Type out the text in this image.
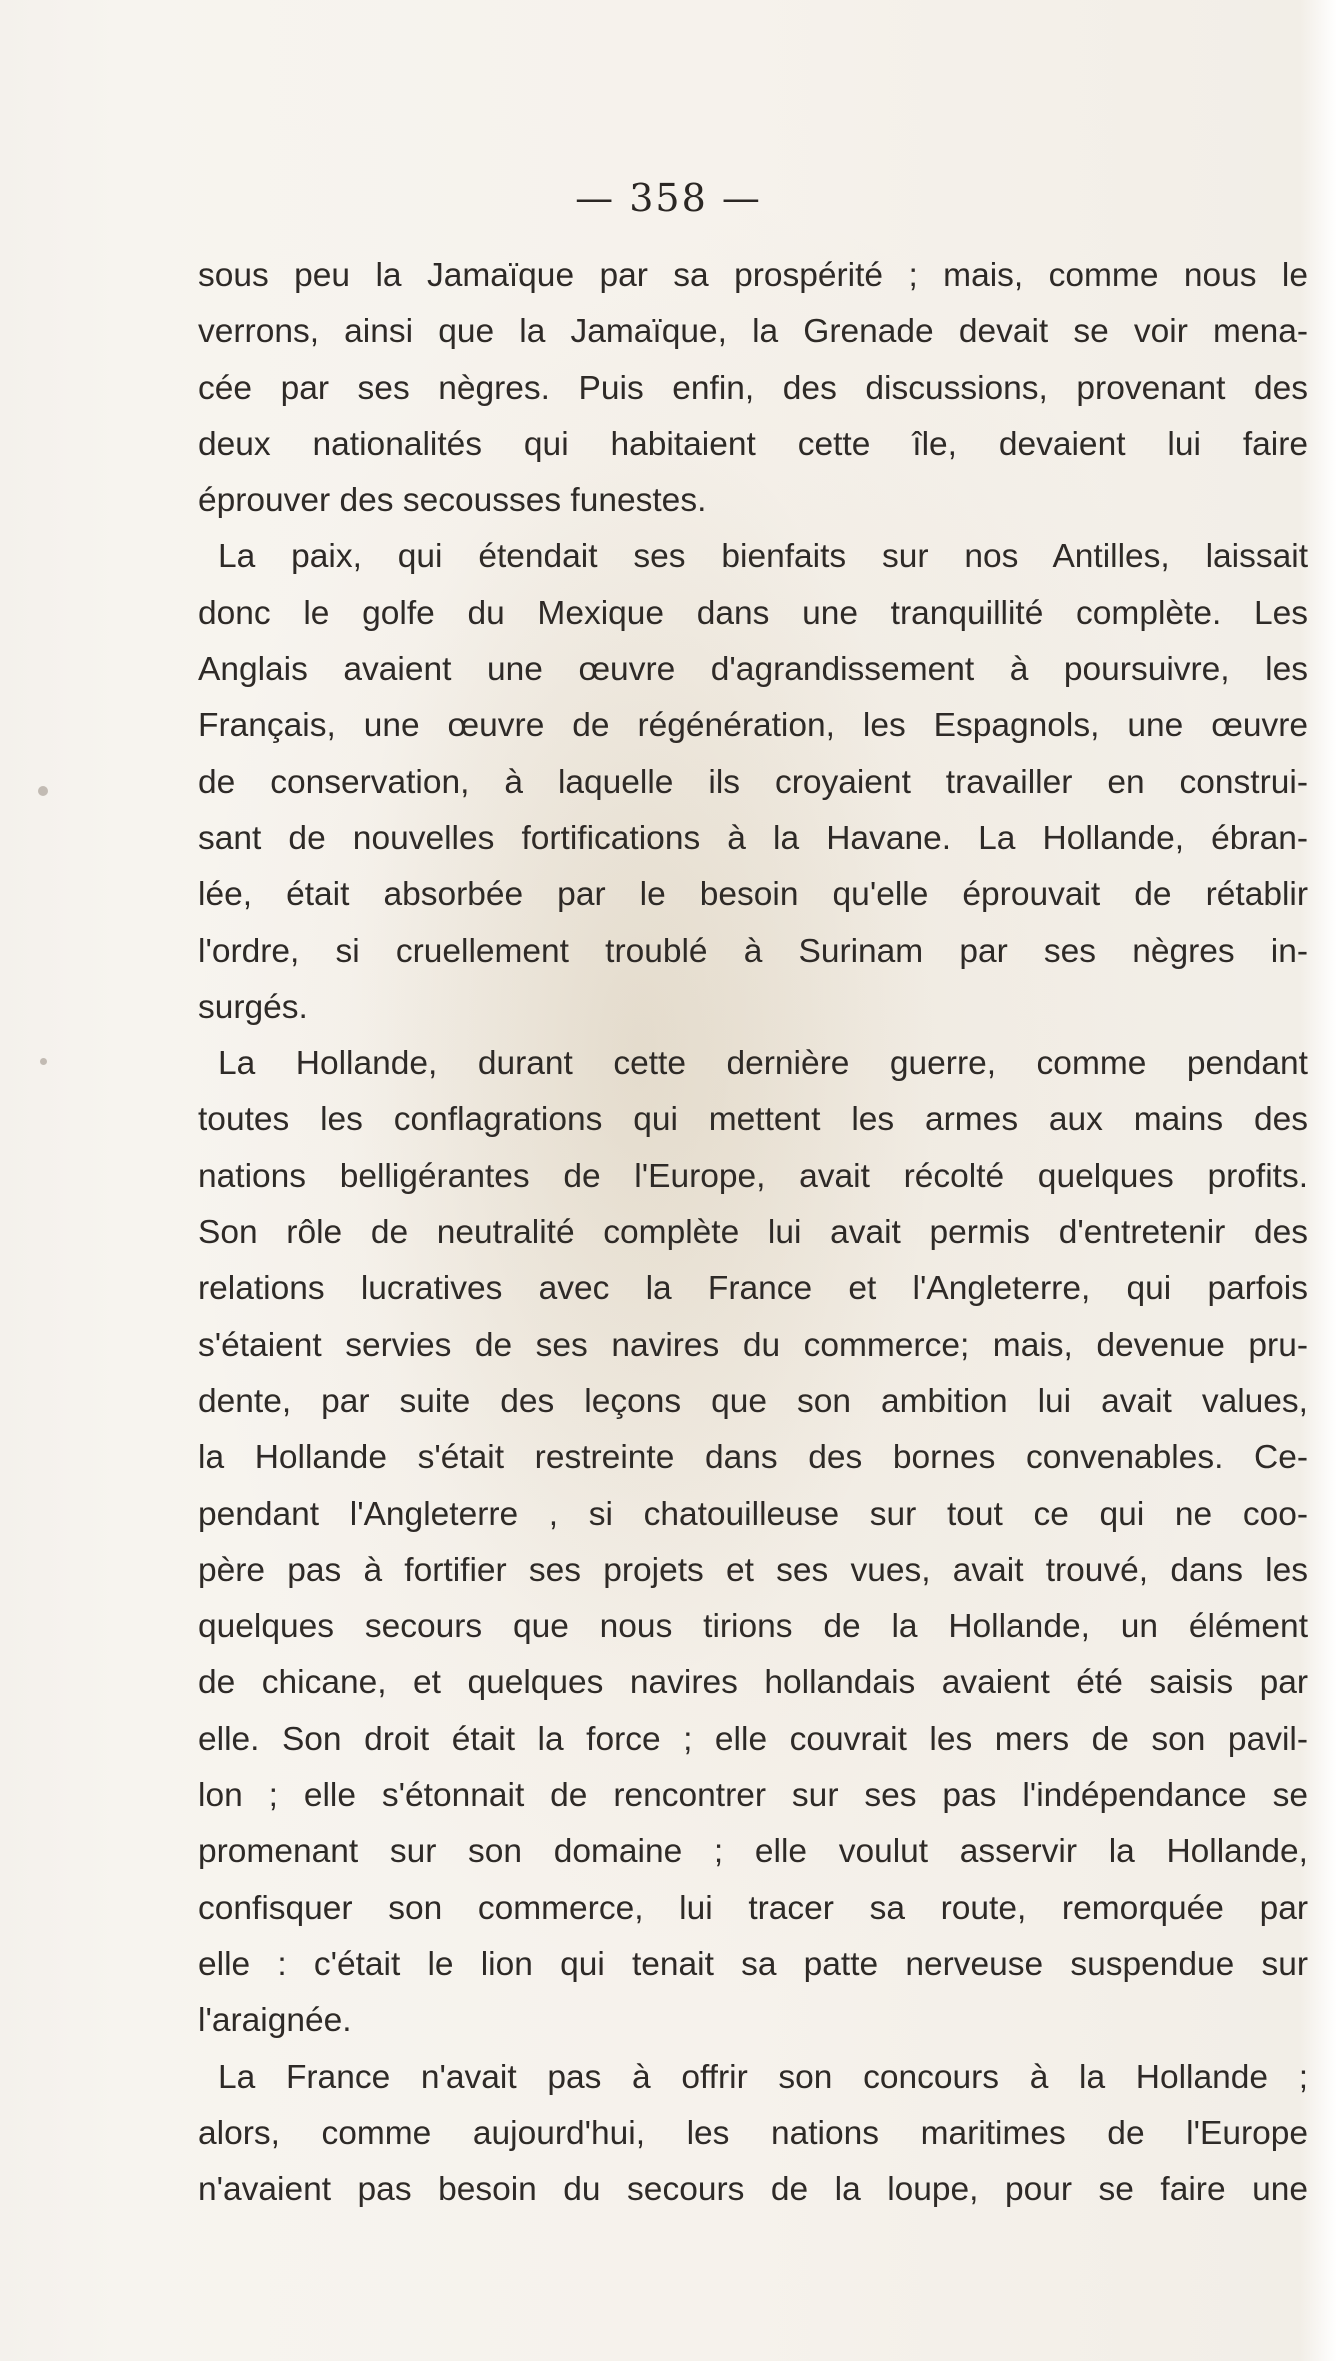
— 358 —
sous peu la Jamaïque par sa prospérité ; mais, comme nous le
verrons, ainsi que la Jamaïque, la Grenade devait se voir mena-
cée par ses nègres. Puis enfin, des discussions, provenant des
deux nationalités qui habitaient cette île, devaient lui faire
éprouver des secousses funestes.
La paix, qui étendait ses bienfaits sur nos Antilles, laissait
donc le golfe du Mexique dans une tranquillité complète. Les
Anglais avaient une œuvre d'agrandissement à poursuivre, les
Français, une œuvre de régénération, les Espagnols, une œuvre
de conservation, à laquelle ils croyaient travailler en construi-
sant de nouvelles fortifications à la Havane. La Hollande, ébran-
lée, était absorbée par le besoin qu'elle éprouvait de rétablir
l'ordre, si cruellement troublé à Surinam par ses nègres in-
surgés.
La Hollande, durant cette dernière guerre, comme pendant
toutes les conflagrations qui mettent les armes aux mains des
nations belligérantes de l'Europe, avait récolté quelques profits.
Son rôle de neutralité complète lui avait permis d'entretenir des
relations lucratives avec la France et l'Angleterre, qui parfois
s'étaient servies de ses navires du commerce; mais, devenue pru-
dente, par suite des leçons que son ambition lui avait values,
la Hollande s'était restreinte dans des bornes convenables. Ce-
pendant l'Angleterre , si chatouilleuse sur tout ce qui ne coo-
père pas à fortifier ses projets et ses vues, avait trouvé, dans les
quelques secours que nous tirions de la Hollande, un élément
de chicane, et quelques navires hollandais avaient été saisis par
elle. Son droit était la force ; elle couvrait les mers de son pavil-
lon ; elle s'étonnait de rencontrer sur ses pas l'indépendance se
promenant sur son domaine ; elle voulut asservir la Hollande,
confisquer son commerce, lui tracer sa route, remorquée par
elle : c'était le lion qui tenait sa patte nerveuse suspendue sur
l'araignée.
La France n'avait pas à offrir son concours à la Hollande ;
alors, comme aujourd'hui, les nations maritimes de l'Europe
n'avaient pas besoin du secours de la loupe, pour se faire une
